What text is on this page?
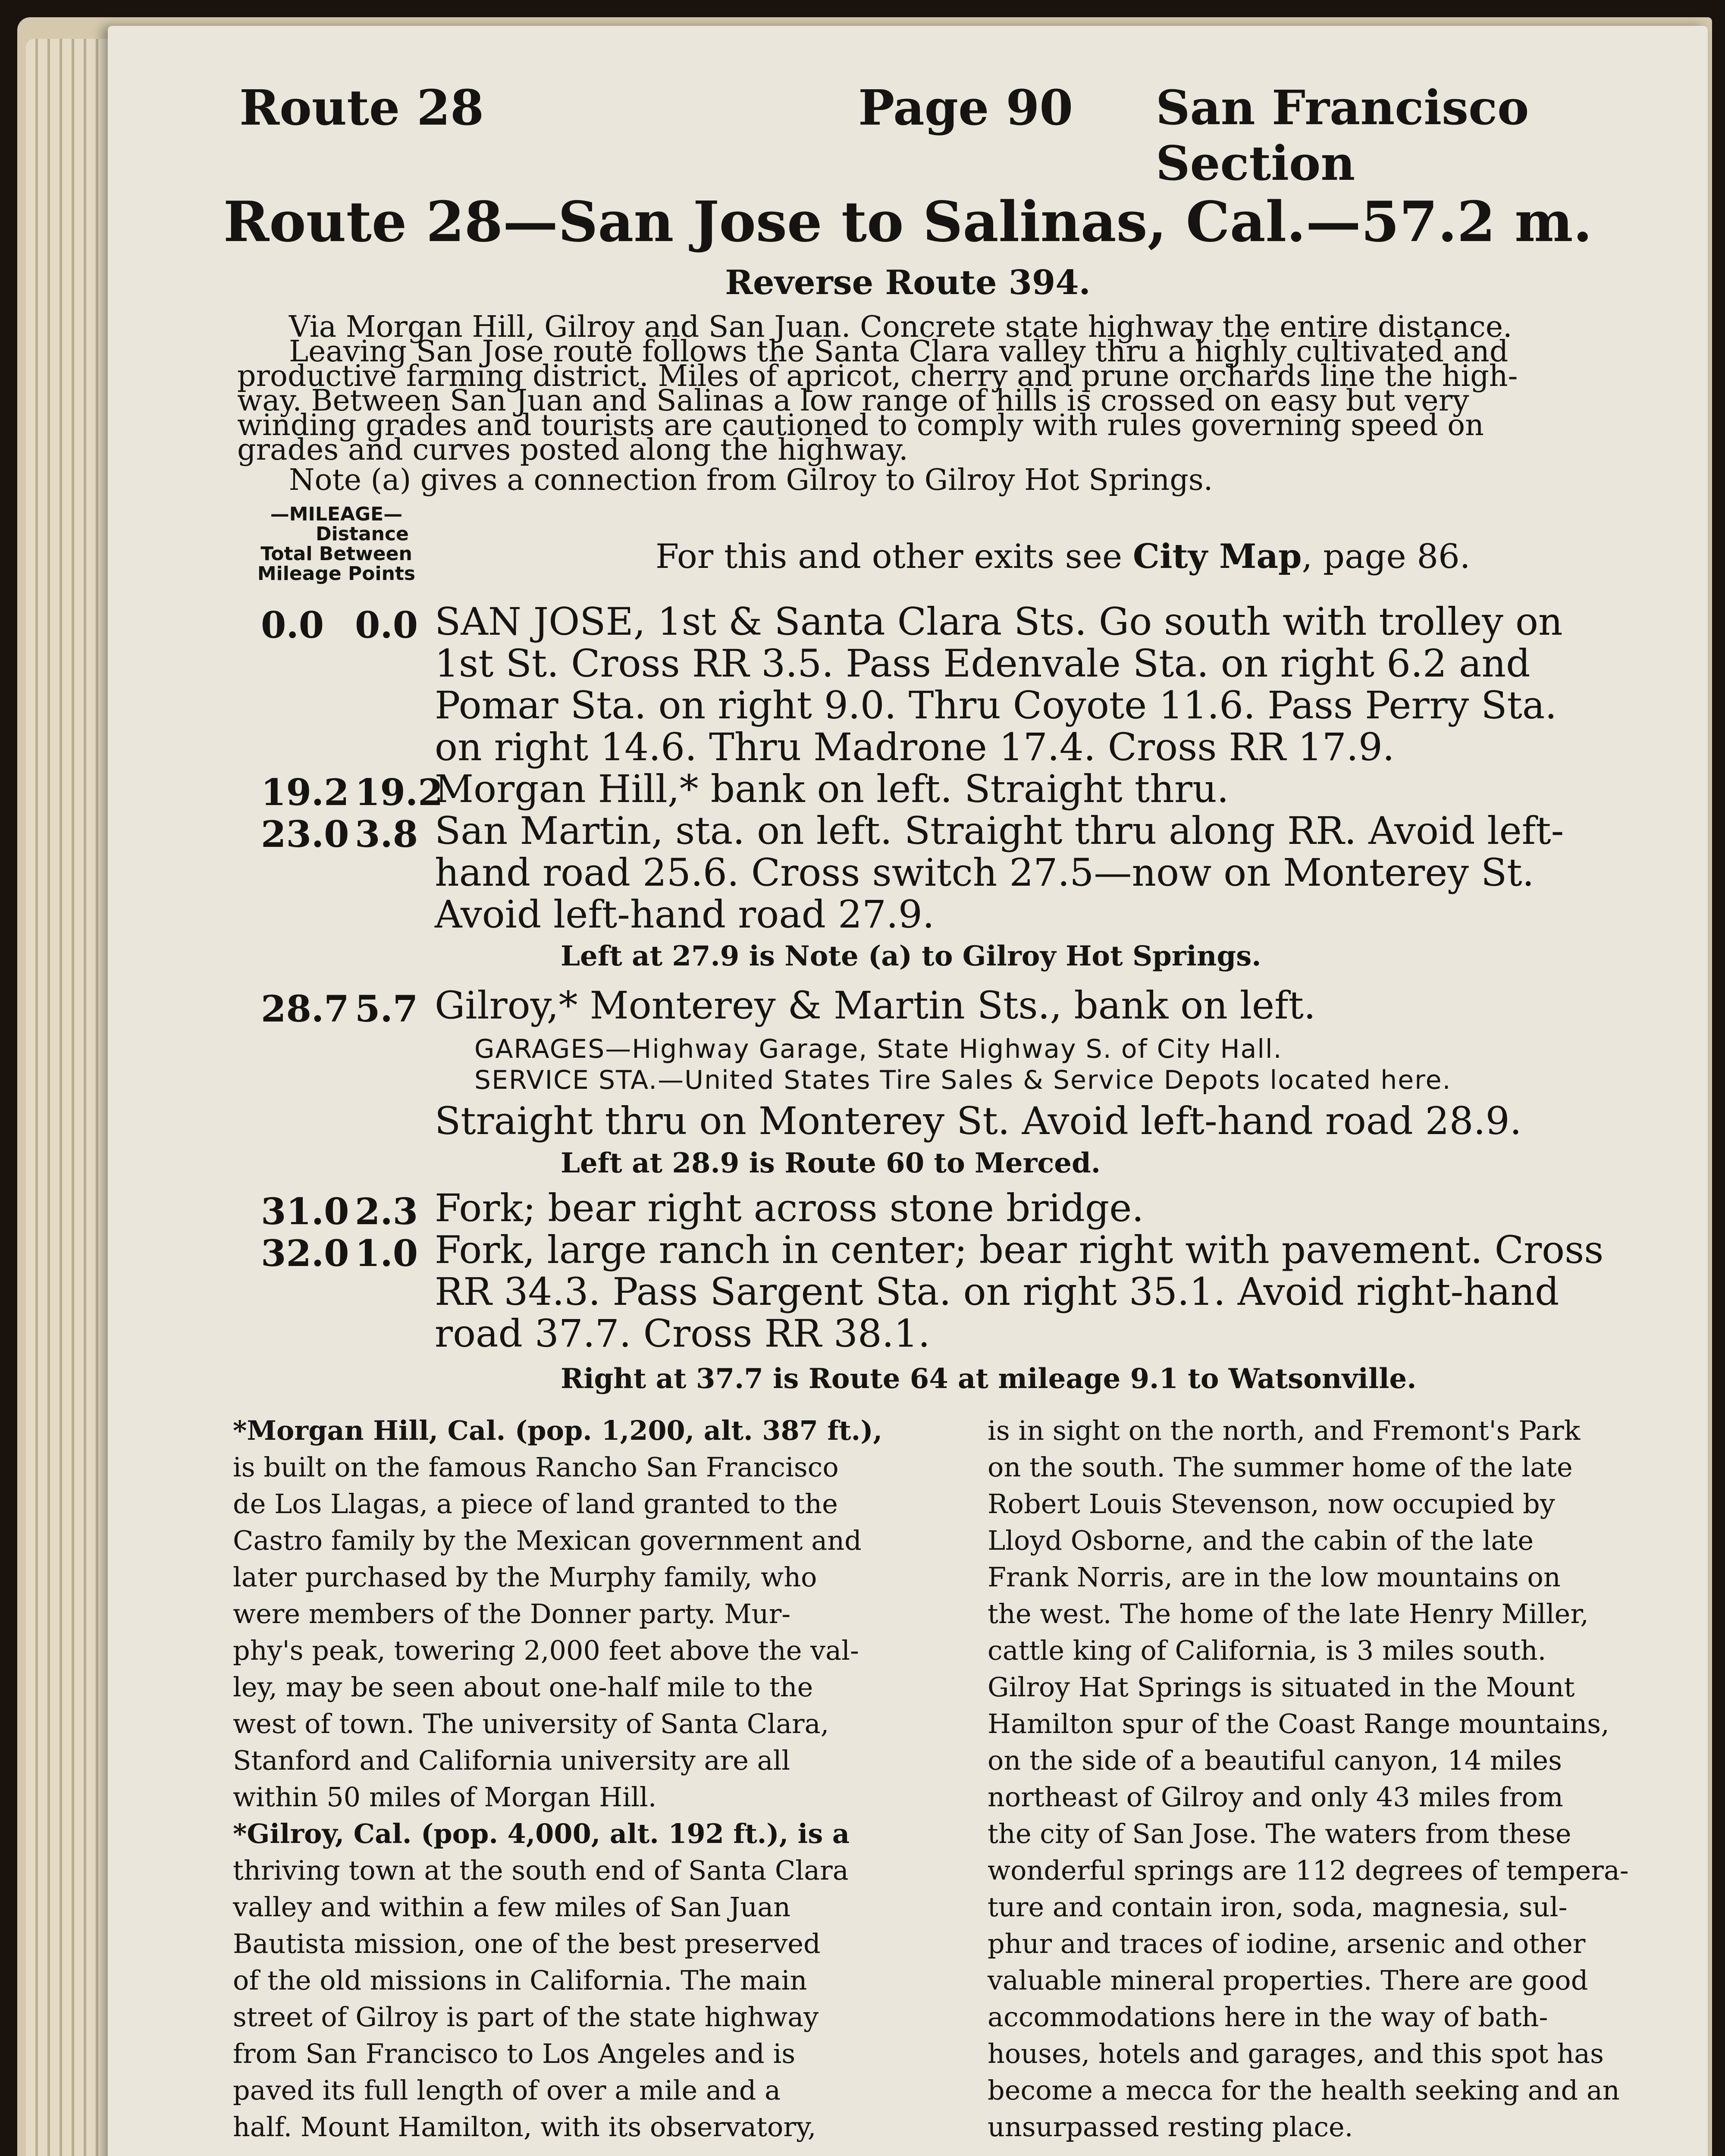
Route 28	Page 90 San Francisco Section
Route 28—San Jose to Salinas, Cal.—57.2 m.
Reverse Route 394.
Via Morgan Hill, Gilroy and San Juan. Concrete state highway the entire distance.
Leaving San Jose route follows the Santa Clara valley thru a highly cultivated and
productive farming district. Miles of apricot, cherry and prune orchards line the high-
way. Between San Juan and Salinas a low range of hills is crossed on easy but very
winding grades and tourists are cautioned to comply with rules governing speed on
grades and curves posted along the highway.
Note (a) gives a connection from Gilroy to Gilroy Hot Springs.
—MILEAGE—
Distance
Total Between
Mileage Points	For this and other exits see City Map, page 86.
0.0 0.0 SAN JOSE, 1st & Santa Clara Sts. Go south with trolley on
1st St. Cross RR 3.5. Pass Edenvale Sta. on right 6.2 and
Pomar Sta. on right 9.0. Thru Coyote 11.6. Pass Perry Sta.
on right 14.6. Thru Madrone 17.4. Cross RR 17.9.
19.2 19.2
Morgan Hill,* bank on left. Straight thru.
23.0 3.8 San Martin, sta. on left. Straight thru along RR. Avoid left-
hand road 25.6. Cross switch 27.5—now on Monterey St.
Avoid left-hand road 27.9.
Left at 27.9 is Note (a) to Gilroy Hot Springs.
28.7 5.7 Gilroy,* Monterey & Martin Sts., bank on left.
GARAGES—Highway Garage, State Highway S. of City Hall.
SERVICE STA.—United States Tire Sales & Service Depots located here.
Straight thru on Monterey St. Avoid left-hand road 28.9.
Left at 28.9 is Route 60 to Merced.
31.0 2.3 Fork; bear right across stone bridge.
32.0 1.0 Fork, large ranch in center; bear right with pavement. Cross
RR 34.3. Pass Sargent Sta. on right 35.1. Avoid right-hand
road 37.7. Cross RR 38.1.
Right at 37.7 is Route 64 at mileage 9.1 to Watsonville.
*Morgan Hill, Cal. (pop. 1,200, alt. 387 ft.),
is built on the famous Rancho San Francisco
de Los Llagas, a piece of land granted to the
Castro family by the Mexican government and
later purchased by the Murphy family, who
were members of the Donner party. Mur-
phy's peak, towering 2,000 feet above the val-
ley, may be seen about one-half mile to the
west of town. The university of Santa Clara,
Stanford and California university are all
within 50 miles of Morgan Hill.
*Gilroy, Cal. (pop. 4,000, alt. 192 ft.), is a
thriving town at the south end of Santa Clara
valley and within a few miles of San Juan
Bautista mission, one of the best preserved
of the old missions in California. The main
street of Gilroy is part of the state highway
from San Francisco to Los Angeles and is
paved its full length of over a mile and a
half. Mount Hamilton, with its observatory,
is in sight on the north, and Fremont's Park
on the south. The summer home of the late
Robert Louis Stevenson, now occupied by
Lloyd Osborne, and the cabin of the late
Frank Norris, are in the low mountains on
the west. The home of the late Henry Miller,
cattle king of California, is 3 miles south.
Gilroy Hat Springs is situated in the Mount
Hamilton spur of the Coast Range mountains,
on the side of a beautiful canyon, 14 miles
northeast of Gilroy and only 43 miles from
the city of San Jose. The waters from these
wonderful springs are 112 degrees of tempera-
ture and contain iron, soda, magnesia, sul-
phur and traces of iodine, arsenic and other
valuable mineral properties. There are good
accommodations here in the way of bath-
houses, hotels and garages, and this spot has
become a mecca for the health seeking and an
unsurpassed resting place.
